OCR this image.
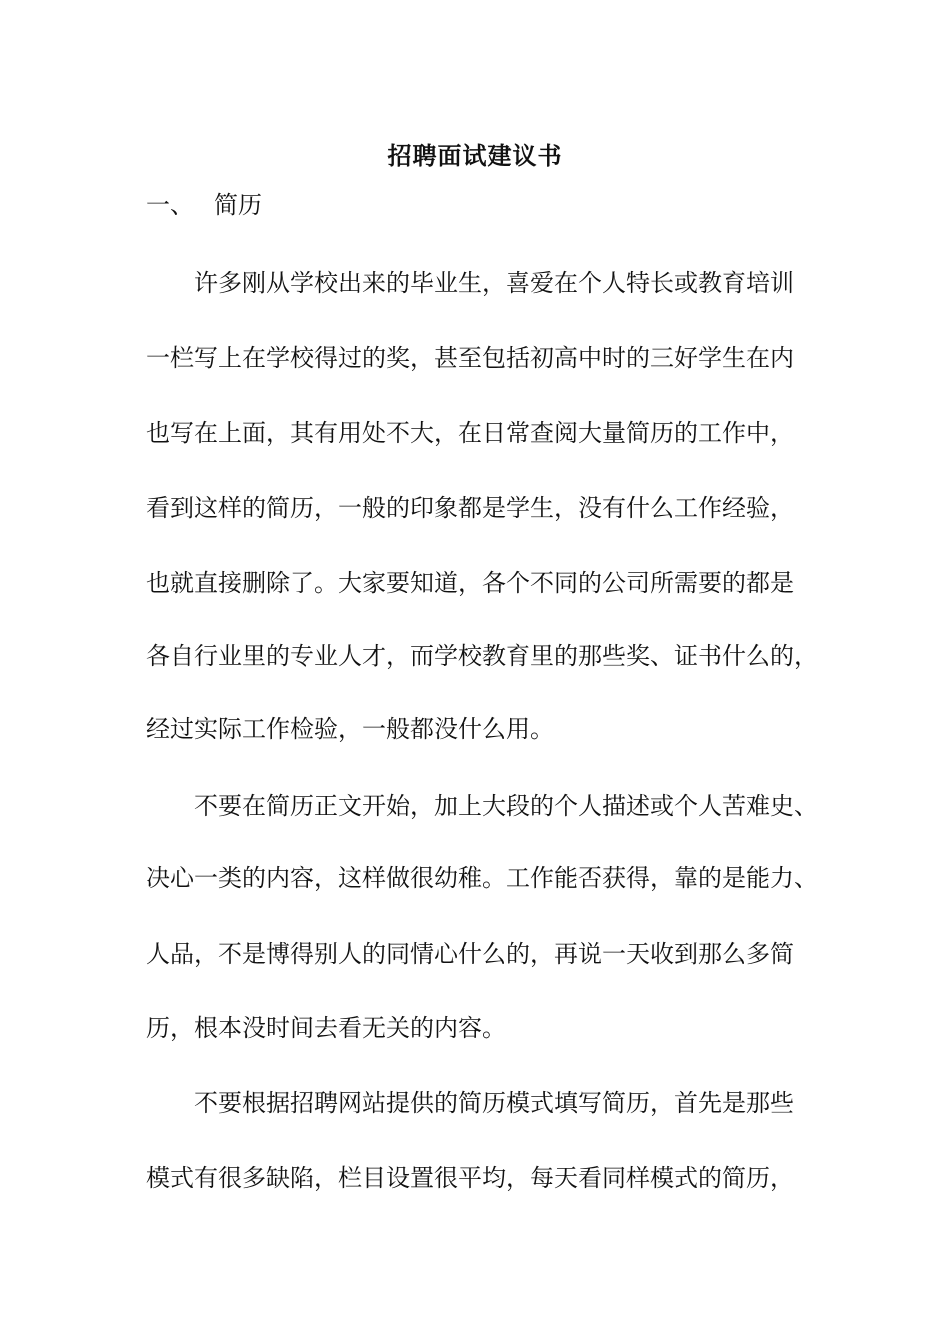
招聘面试建议书
一、 简历
许多刚从学校出来的毕业生，喜爱在个人特长或教育培训
一栏写上在学校得过的奖，甚至包括初高中时的三好学生在内
也写在上面，其有用处不大，在日常查阅大量简历的工作中，
看到这样的简历，一般的印象都是学生，没有什么工作经验，
也就直接删除了。大家要知道，各个不同的公司所需要的都是
各自行业里的专业人才，而学校教育里的那些奖、证书什么的，
经过实际工作检验，一般都没什么用。
不要在简历正文开始，加上大段的个人描述或个人苦难史、
决心一类的内容，这样做很幼稚。工作能否获得，靠的是能力、
人品，不是博得别人的同情心什么的，再说一天收到那么多简
历，根本没时间去看无关的内容。
不要根据招聘网站提供的简历模式填写简历，首先是那些
模式有很多缺陷，栏目设置很平均，每天看同样模式的简历，
